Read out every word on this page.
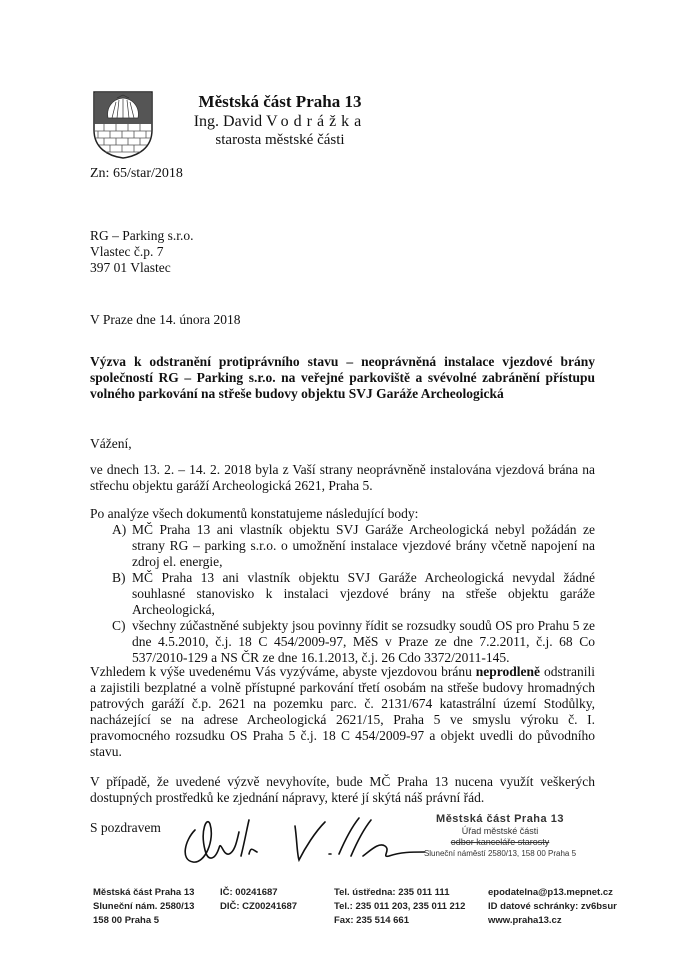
Městská část Praha 13
Ing. David Vodrážka
starosta městské části
Zn: 65/star/2018
RG – Parking s.r.o.
Vlastec č.p. 7
397 01 Vlastec
V Praze dne 14. února 2018
Výzva k odstranění protiprávního stavu – neoprávněná instalace vjezdové brány společností RG – Parking s.r.o. na veřejné parkoviště a svévolné zabránění přístupu volného parkování na střeše budovy objektu SVJ Garáže Archeologická
Vážení,
ve dnech 13. 2. – 14. 2. 2018 byla z Vaší strany neoprávněně instalována vjezdová brána na střechu objektu garáží Archeologická 2621, Praha 5.
Po analýze všech dokumentů konstatujeme následující body:
A) MČ Praha 13 ani vlastník objektu SVJ Garáže Archeologická nebyl požádán ze strany RG – parking s.r.o. o umožnění instalace vjezdové brány včetně napojení na zdroj el. energie,
B) MČ Praha 13 ani vlastník objektu SVJ Garáže Archeologická nevydal žádné souhlasné stanovisko k instalaci vjezdové brány na střeše objektu garáže Archeologická,
C) všechny zúčastněné subjekty jsou povinny řídit se rozsudky soudů OS pro Prahu 5 ze dne 4.5.2010, č.j. 18 C 454/2009-97, MěS v Praze ze dne 7.2.2011, č.j. 68 Co 537/2010-129 a NS ČR ze dne 16.1.2013, č.j. 26 Cdo 3372/2011-145.
Vzhledem k výše uvedenému Vás vyzýváme, abyste vjezdovou bránu neprodleně odstranili a zajistili bezplatné a volně přístupné parkování třetí osobám na střeše budovy hromadných patrových garáží č.p. 2621 na pozemku parc. č. 2131/674 katastrální území Stodůlky, nacházející se na adrese Archeologická 2621/15, Praha 5 ve smyslu výroku č. I. pravomocného rozsudku OS Praha 5 č.j. 18 C 454/2009-97 a objekt uvedli do původního stavu.
V případě, že uvedené výzvě nevyhovíte, bude MČ Praha 13 nucena využít veškerých dostupných prostředků ke zjednání nápravy, které jí skýtá náš právní řád.
S pozdravem
Městská část Praha 13
Úřad městské části
odbor kanceláře starosty
Sluneční náměstí 2580/13, 158 00 Praha 5
Městská část Praha 13
Sluneční nám. 2580/13
158 00 Praha 5
IČ: 00241687
DIČ: CZ00241687
Tel. ústředna: 235 011 111
Tel.: 235 011 203, 235 011 212
Fax: 235 514 661
epodatelna@p13.mepnet.cz
ID datové schránky: zv6bsur
www.praha13.cz
